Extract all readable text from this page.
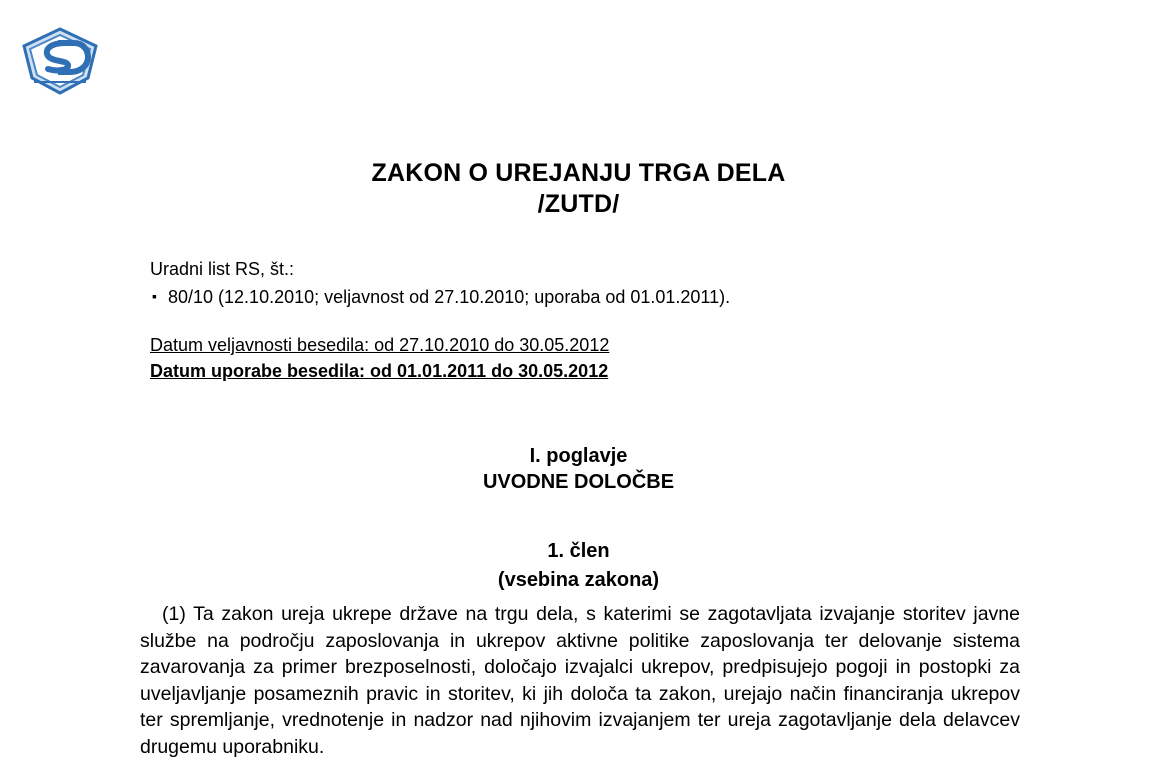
ZAKON O UREJANJU TRGA DELA
/ZUTD/
Uradni list RS, št.:
▪ 80/10 (12.10.2010; veljavnost od 27.10.2010; uporaba od 01.01.2011).
Datum veljavnosti besedila: od 27.10.2010 do 30.05.2012
Datum uporabe besedila: od 01.01.2011 do 30.05.2012
I. poglavje
UVODNE DOLOČBE
1. člen
(vsebina zakona)
(1) Ta zakon ureja ukrepe države na trgu dela, s katerimi se zagotavljata izvajanje storitev javne službe na področju zaposlovanja in ukrepov aktivne politike zaposlovanja ter delovanje sistema zavarovanja za primer brezposelnosti, določajo izvajalci ukrepov, predpisujejo pogoji in postopki za uveljavljanje posameznih pravic in storitev, ki jih določa ta zakon, urejajo način financiranja ukrepov ter spremljanje, vrednotenje in nadzor nad njihovim izvajanjem ter ureja zagotavljanje dela delavcev drugemu uporabniku.
